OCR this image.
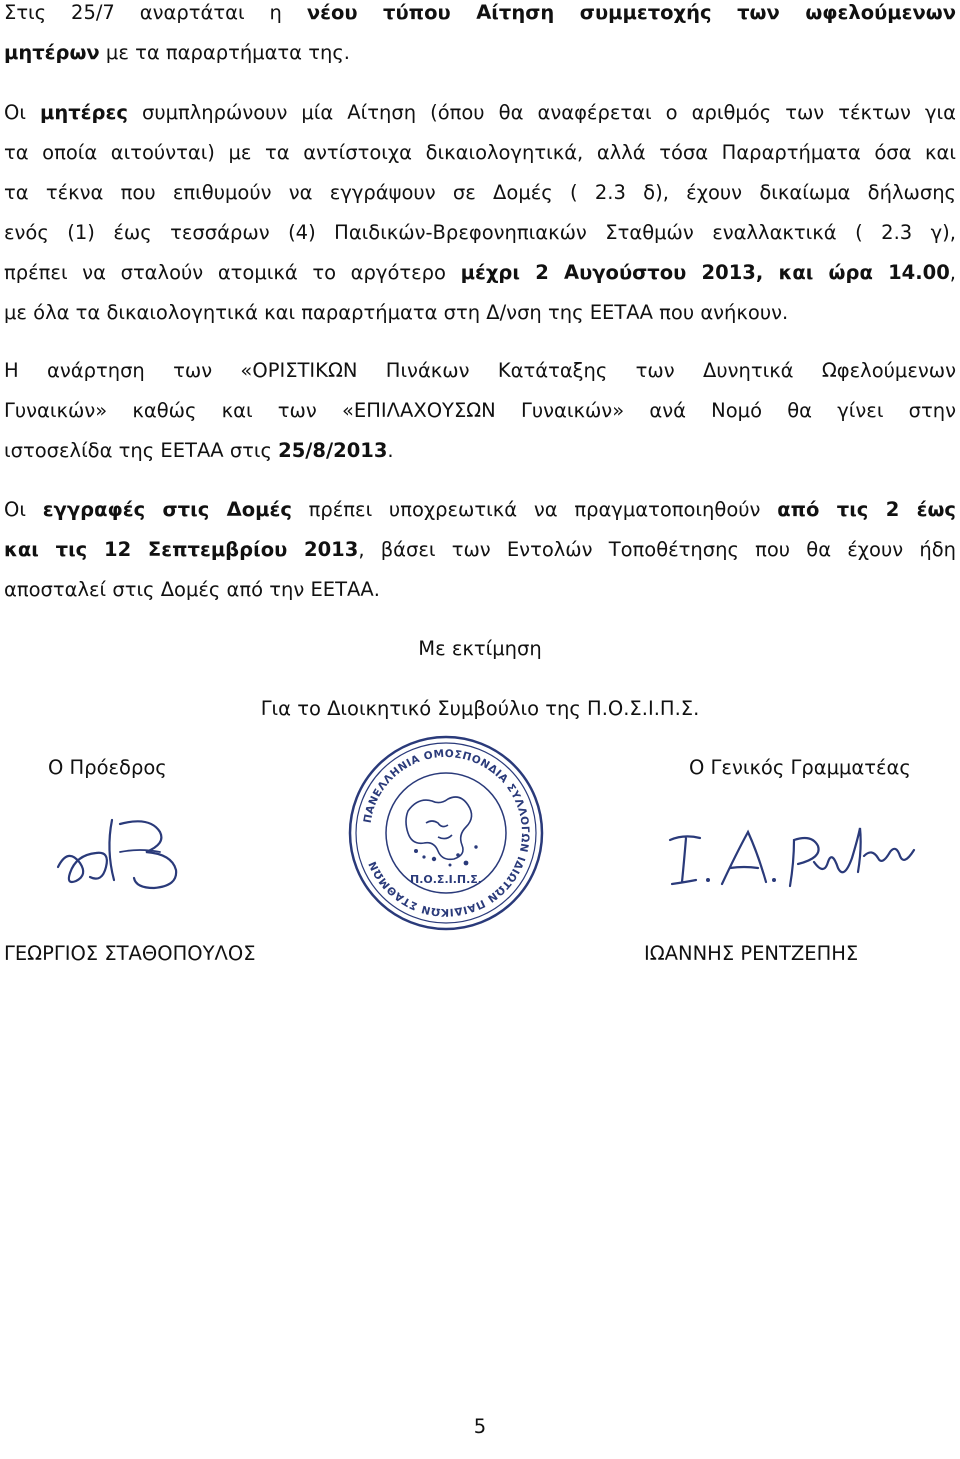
Στις 25/7 αναρτάται η νέου τύπου Αίτηση συμμετοχής των ωφελούμενων
μητέρων με τα παραρτήματα της.
Οι μητέρες συμπληρώνουν μία Αίτηση (όπου θα αναφέρεται ο αριθμός των τέκτων για
τα οποία αιτούνται) με τα αντίστοιχα δικαιολογητικά, αλλά τόσα Παραρτήματα όσα και
τα τέκνα που επιθυμούν να εγγράψουν σε Δομές ( 2.3 δ), έχουν δικαίωμα δήλωσης
ενός (1) έως τεσσάρων (4) Παιδικών-Βρεφονηπιακών Σταθμών εναλλακτικά ( 2.3 γ),
πρέπει να σταλούν ατομικά το αργότερο μέχρι 2 Αυγούστου 2013, και ώρα 14.00,
με όλα τα δικαιολογητικά και παραρτήματα στη Δ/νση της ΕΕΤΑΑ που ανήκουν.
Η ανάρτηση των «ΟΡΙΣΤΙΚΩΝ Πινάκων Κατάταξης των Δυνητικά Ωφελούμενων
Γυναικών» καθώς και των «ΕΠΙΛΑΧΟΥΣΩΝ Γυναικών» ανά Νομό θα γίνει στην
ιστοσελίδα της ΕΕΤΑΑ στις 25/8/2013.
Οι εγγραφές στις Δομές πρέπει υποχρεωτικά να πραγματοποιηθούν από τις 2 έως
και τις 12 Σεπτεμβρίου 2013, βάσει των Εντολών Τοποθέτησης που θα έχουν ήδη
αποσταλεί στις Δομές από την ΕΕΤΑΑ.
Με εκτίμηση
Για το Διοικητικό Συμβούλιο της Π.Ο.Σ.Ι.Π.Σ.
Ο Πρόεδρος	Ο Γενικός Γραμματέας
ΠΑΝΕΛΛΗΝΙΑ ΟΜΟΣΠΟΝΔΙΑ ΣΥΛΛΟΓΩΝ ΙΔΙΩΤΩΝ ΠΑΙΔΙΚΩΝ ΣΤΑΘΜΩΝ
Π.Ο.Σ.Ι.Π.Σ.
ΓΕΩΡΓΙΟΣ ΣΤΑΘΟΠΟΥΛΟΣ	ΙΩΑΝΝΗΣ ΡΕΝΤΖΕΠΗΣ
5
